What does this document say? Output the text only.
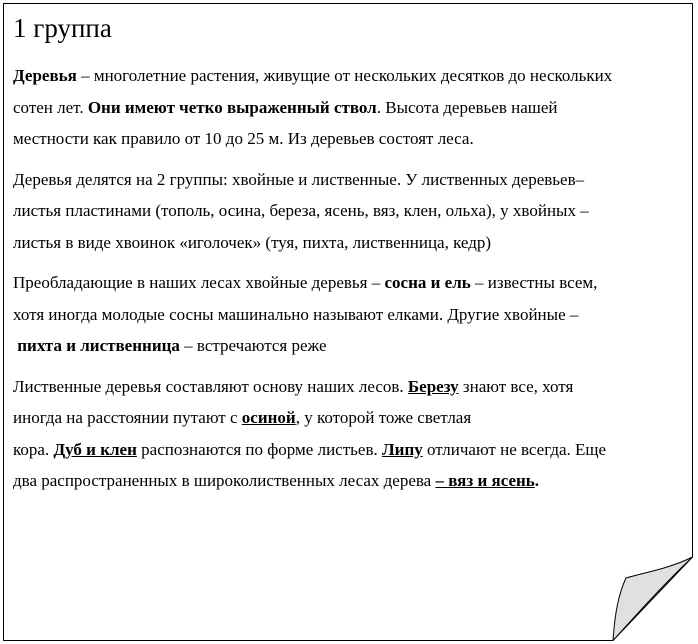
1 группа
Деревья – многолетние растения, живущие от нескольких десятков до нескольких
сотен лет. Они имеют четко выраженный ствол. Высота деревьев нашей
местности как правило от 10 до 25 м. Из деревьев состоят леса.
Деревья делятся на 2 группы: хвойные и лиственные. У лиственных деревьев–
листья пластинами (тополь, осина, береза, ясень, вяз, клен, ольха), у хвойных –
листья в виде хвоинок «иголочек» (туя, пихта, лиственница, кедр)
Преобладающие в наших лесах хвойные деревья – сосна и ель – известны всем,
хотя иногда молодые сосны машинально называют елками. Другие хвойные –
пихта и лиственница – встречаются реже
Лиственные деревья составляют основу наших лесов. Березу знают все, хотя
иногда на расстоянии путают с осиной, у которой тоже светлая
кора. Дуб и клен распознаются по форме листьев. Липу отличают не всегда. Еще
два распространенных в широколиственных лесах дерева – вяз и ясень.
